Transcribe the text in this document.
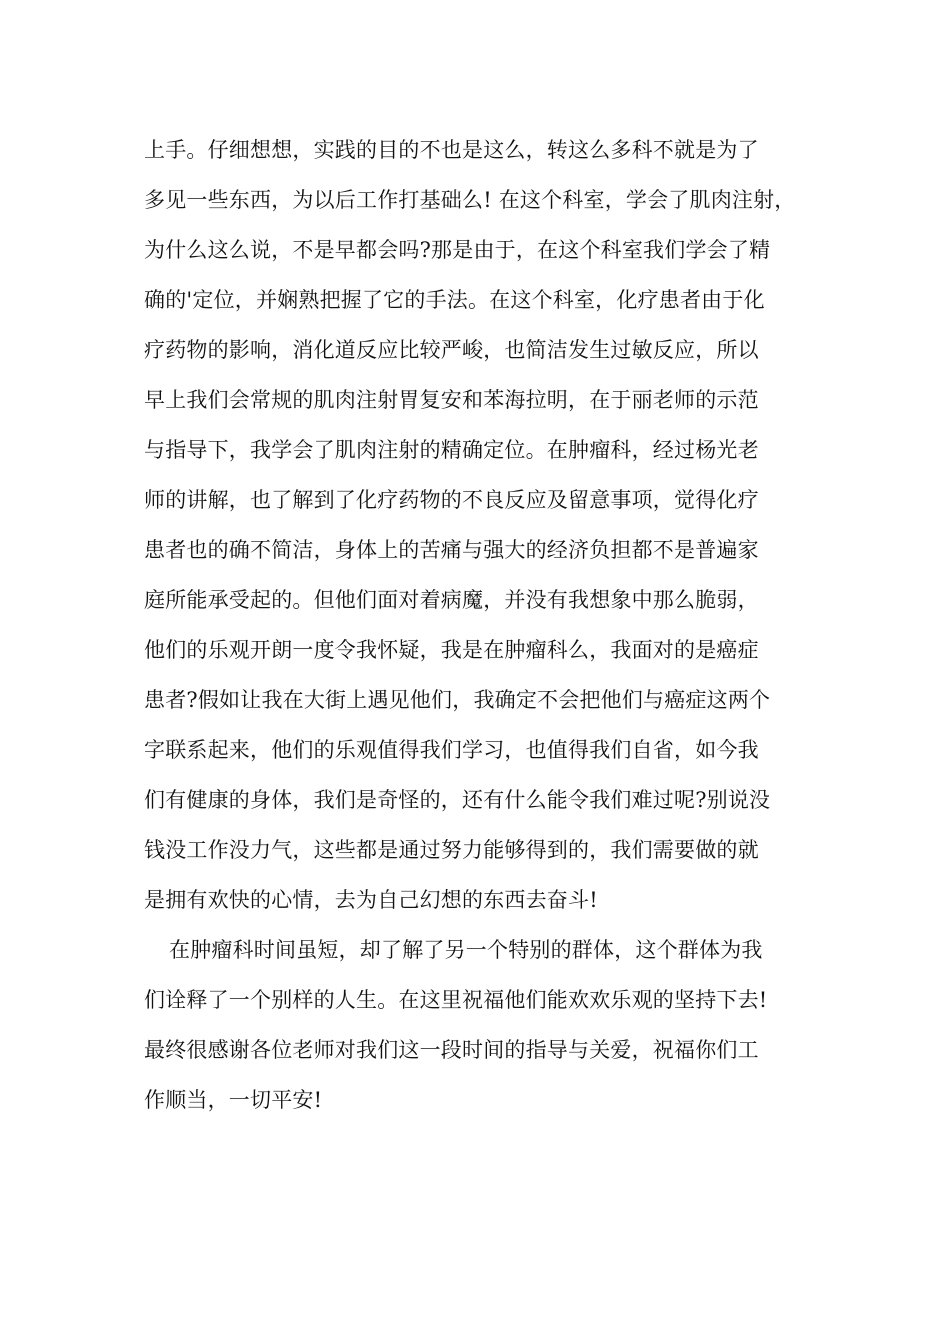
上手。仔细想想，实践的目的不也是这么，转这么多科不就是为了
多见一些东西，为以后工作打基础么! 在这个科室，学会了肌肉注射，
为什么这么说，不是早都会吗?那是由于，在这个科室我们学会了精
确的'定位，并娴熟把握了它的手法。在这个科室，化疗患者由于化
疗药物的影响，消化道反应比较严峻，也简洁发生过敏反应，所以
早上我们会常规的肌肉注射胃复安和苯海拉明，在于丽老师的示范
与指导下，我学会了肌肉注射的精确定位。在肿瘤科，经过杨光老
师的讲解，也了解到了化疗药物的不良反应及留意事项，觉得化疗
患者也的确不简洁，身体上的苦痛与强大的经济负担都不是普遍家
庭所能承受起的。但他们面对着病魔，并没有我想象中那么脆弱，
他们的乐观开朗一度令我怀疑，我是在肿瘤科么，我面对的是癌症
患者?假如让我在大街上遇见他们，我确定不会把他们与癌症这两个
字联系起来，他们的乐观值得我们学习，也值得我们自省，如今我
们有健康的身体，我们是奇怪的，还有什么能令我们难过呢?别说没
钱没工作没力气，这些都是通过努力能够得到的，我们需要做的就
是拥有欢快的心情，去为自己幻想的东西去奋斗!
在肿瘤科时间虽短，却了解了另一个特别的群体，这个群体为我
们诠释了一个别样的人生。在这里祝福他们能欢欢乐观的坚持下去!
最终很感谢各位老师对我们这一段时间的指导与关爱，祝福你们工
作顺当，一切平安!
